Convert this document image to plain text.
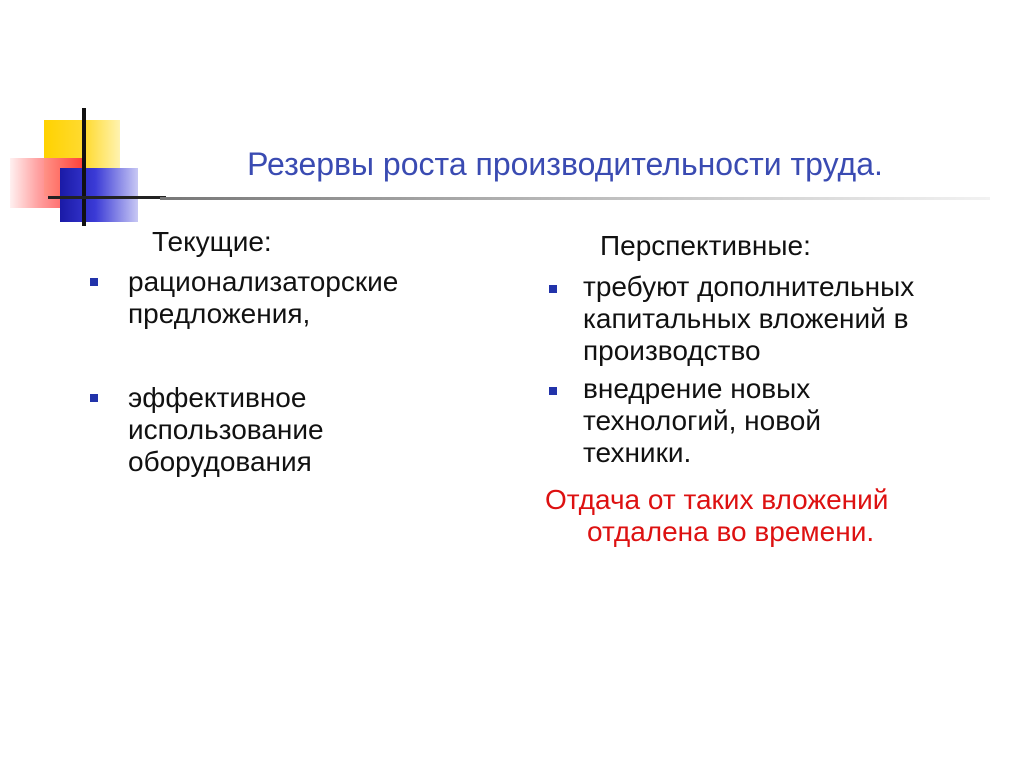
Резервы роста производительности труда.
Текущие:
рационализаторские
предложения,
эффективное
использование
оборудования
Перспективные:
требуют дополнительных
капитальных вложений в
производство
внедрение новых
технологий, новой
техники.
Отдача от таких вложений
отдалена во времени.
